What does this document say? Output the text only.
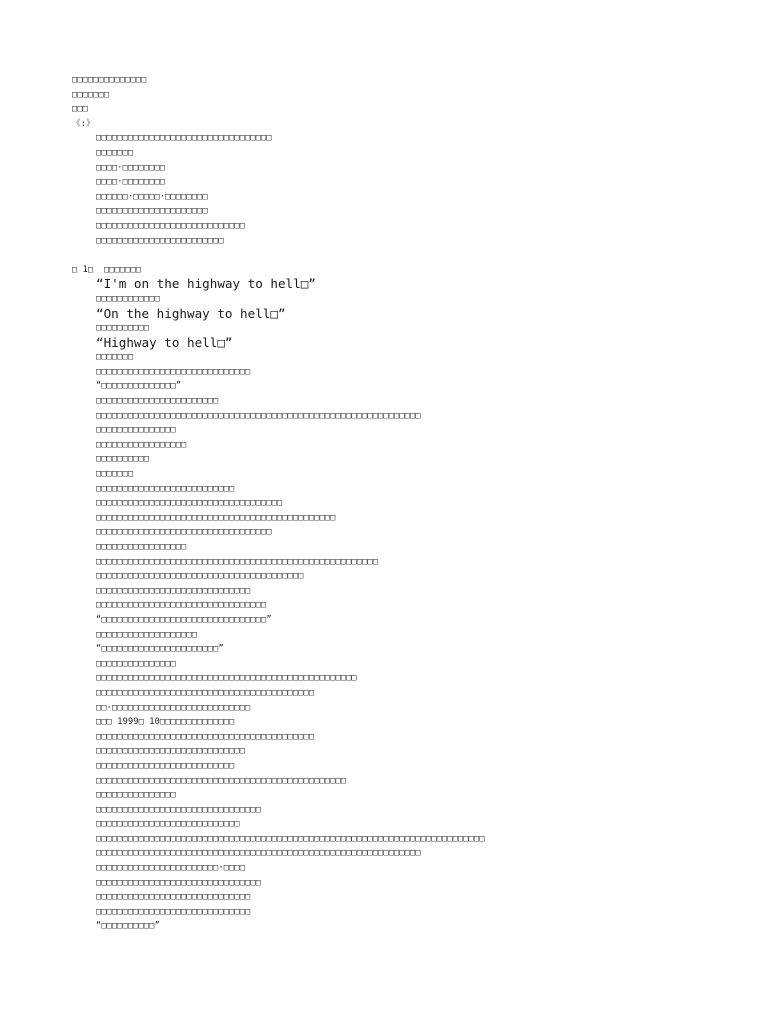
□□□□□□□□□□□□□□
□□□□□□□
□□□
《:》
□□□□□□□□□□□□□□□□□□□□□□□□□□□□□□□□□
□□□□□□□
□□□□·□□□□□□□□
□□□□·□□□□□□□□
□□□□□□·□□□□□·□□□□□□□□
□□□□□□□□□□□□□□□□□□□□□
□□□□□□□□□□□□□□□□□□□□□□□□□□□□
□□□□□□□□□□□□□□□□□□□□□□□□
□ 1□  □□□□□□□
“I'm on the highway to hell□”
□□□□□□□□□□□□
“On the highway to hell□”
□□□□□□□□□□
“Highway to hell□”
□□□□□□□
□□□□□□□□□□□□□□□□□□□□□□□□□□□□□
“□□□□□□□□□□□□□□”
□□□□□□□□□□□□□□□□□□□□□□□
□□□□□□□□□□□□□□□□□□□□□□□□□□□□□□□□□□□□□□□□□□□□□□□□□□□□□□□□□□□□□
□□□□□□□□□□□□□□□
□□□□□□□□□□□□□□□□□
□□□□□□□□□□
□□□□□□□
□□□□□□□□□□□□□□□□□□□□□□□□□□
□□□□□□□□□□□□□□□□□□□□□□□□□□□□□□□□□□□
□□□□□□□□□□□□□□□□□□□□□□□□□□□□□□□□□□□□□□□□□□□□□
□□□□□□□□□□□□□□□□□□□□□□□□□□□□□□□□□
□□□□□□□□□□□□□□□□□
□□□□□□□□□□□□□□□□□□□□□□□□□□□□□□□□□□□□□□□□□□□□□□□□□□□□□
□□□□□□□□□□□□□□□□□□□□□□□□□□□□□□□□□□□□□□□
□□□□□□□□□□□□□□□□□□□□□□□□□□□□□
□□□□□□□□□□□□□□□□□□□□□□□□□□□□□□□□
“□□□□□□□□□□□□□□□□□□□□□□□□□□□□□□□”
□□□□□□□□□□□□□□□□□□□
“□□□□□□□□□□□□□□□□□□□□□□”
□□□□□□□□□□□□□□□
□□□□□□□□□□□□□□□□□□□□□□□□□□□□□□□□□□□□□□□□□□□□□□□□□
□□□□□□□□□□□□□□□□□□□□□□□□□□□□□□□□□□□□□□□□□
□□·□□□□□□□□□□□□□□□□□□□□□□□□□□
□□□ 1999□ 10□□□□□□□□□□□□□□
□□□□□□□□□□□□□□□□□□□□□□□□□□□□□□□□□□□□□□□□□
□□□□□□□□□□□□□□□□□□□□□□□□□□□□
□□□□□□□□□□□□□□□□□□□□□□□□□□
□□□□□□□□□□□□□□□□□□□□□□□□□□□□□□□□□□□□□□□□□□□□□□□
□□□□□□□□□□□□□□□
□□□□□□□□□□□□□□□□□□□□□□□□□□□□□□□
□□□□□□□□□□□□□□□□□□□□□□□□□□□
□□□□□□□□□□□□□□□□□□□□□□□□□□□□□□□□□□□□□□□□□□□□□□□□□□□□□□□□□□□□□□□□□□□□□□□□□
□□□□□□□□□□□□□□□□□□□□□□□□□□□□□□□□□□□□□□□□□□□□□□□□□□□□□□□□□□□□□
□□□□□□□□□□□□□□□□□□□□□□□·□□□□
□□□□□□□□□□□□□□□□□□□□□□□□□□□□□□□
□□□□□□□□□□□□□□□□□□□□□□□□□□□□□
□□□□□□□□□□□□□□□□□□□□□□□□□□□□□
“□□□□□□□□□□”
